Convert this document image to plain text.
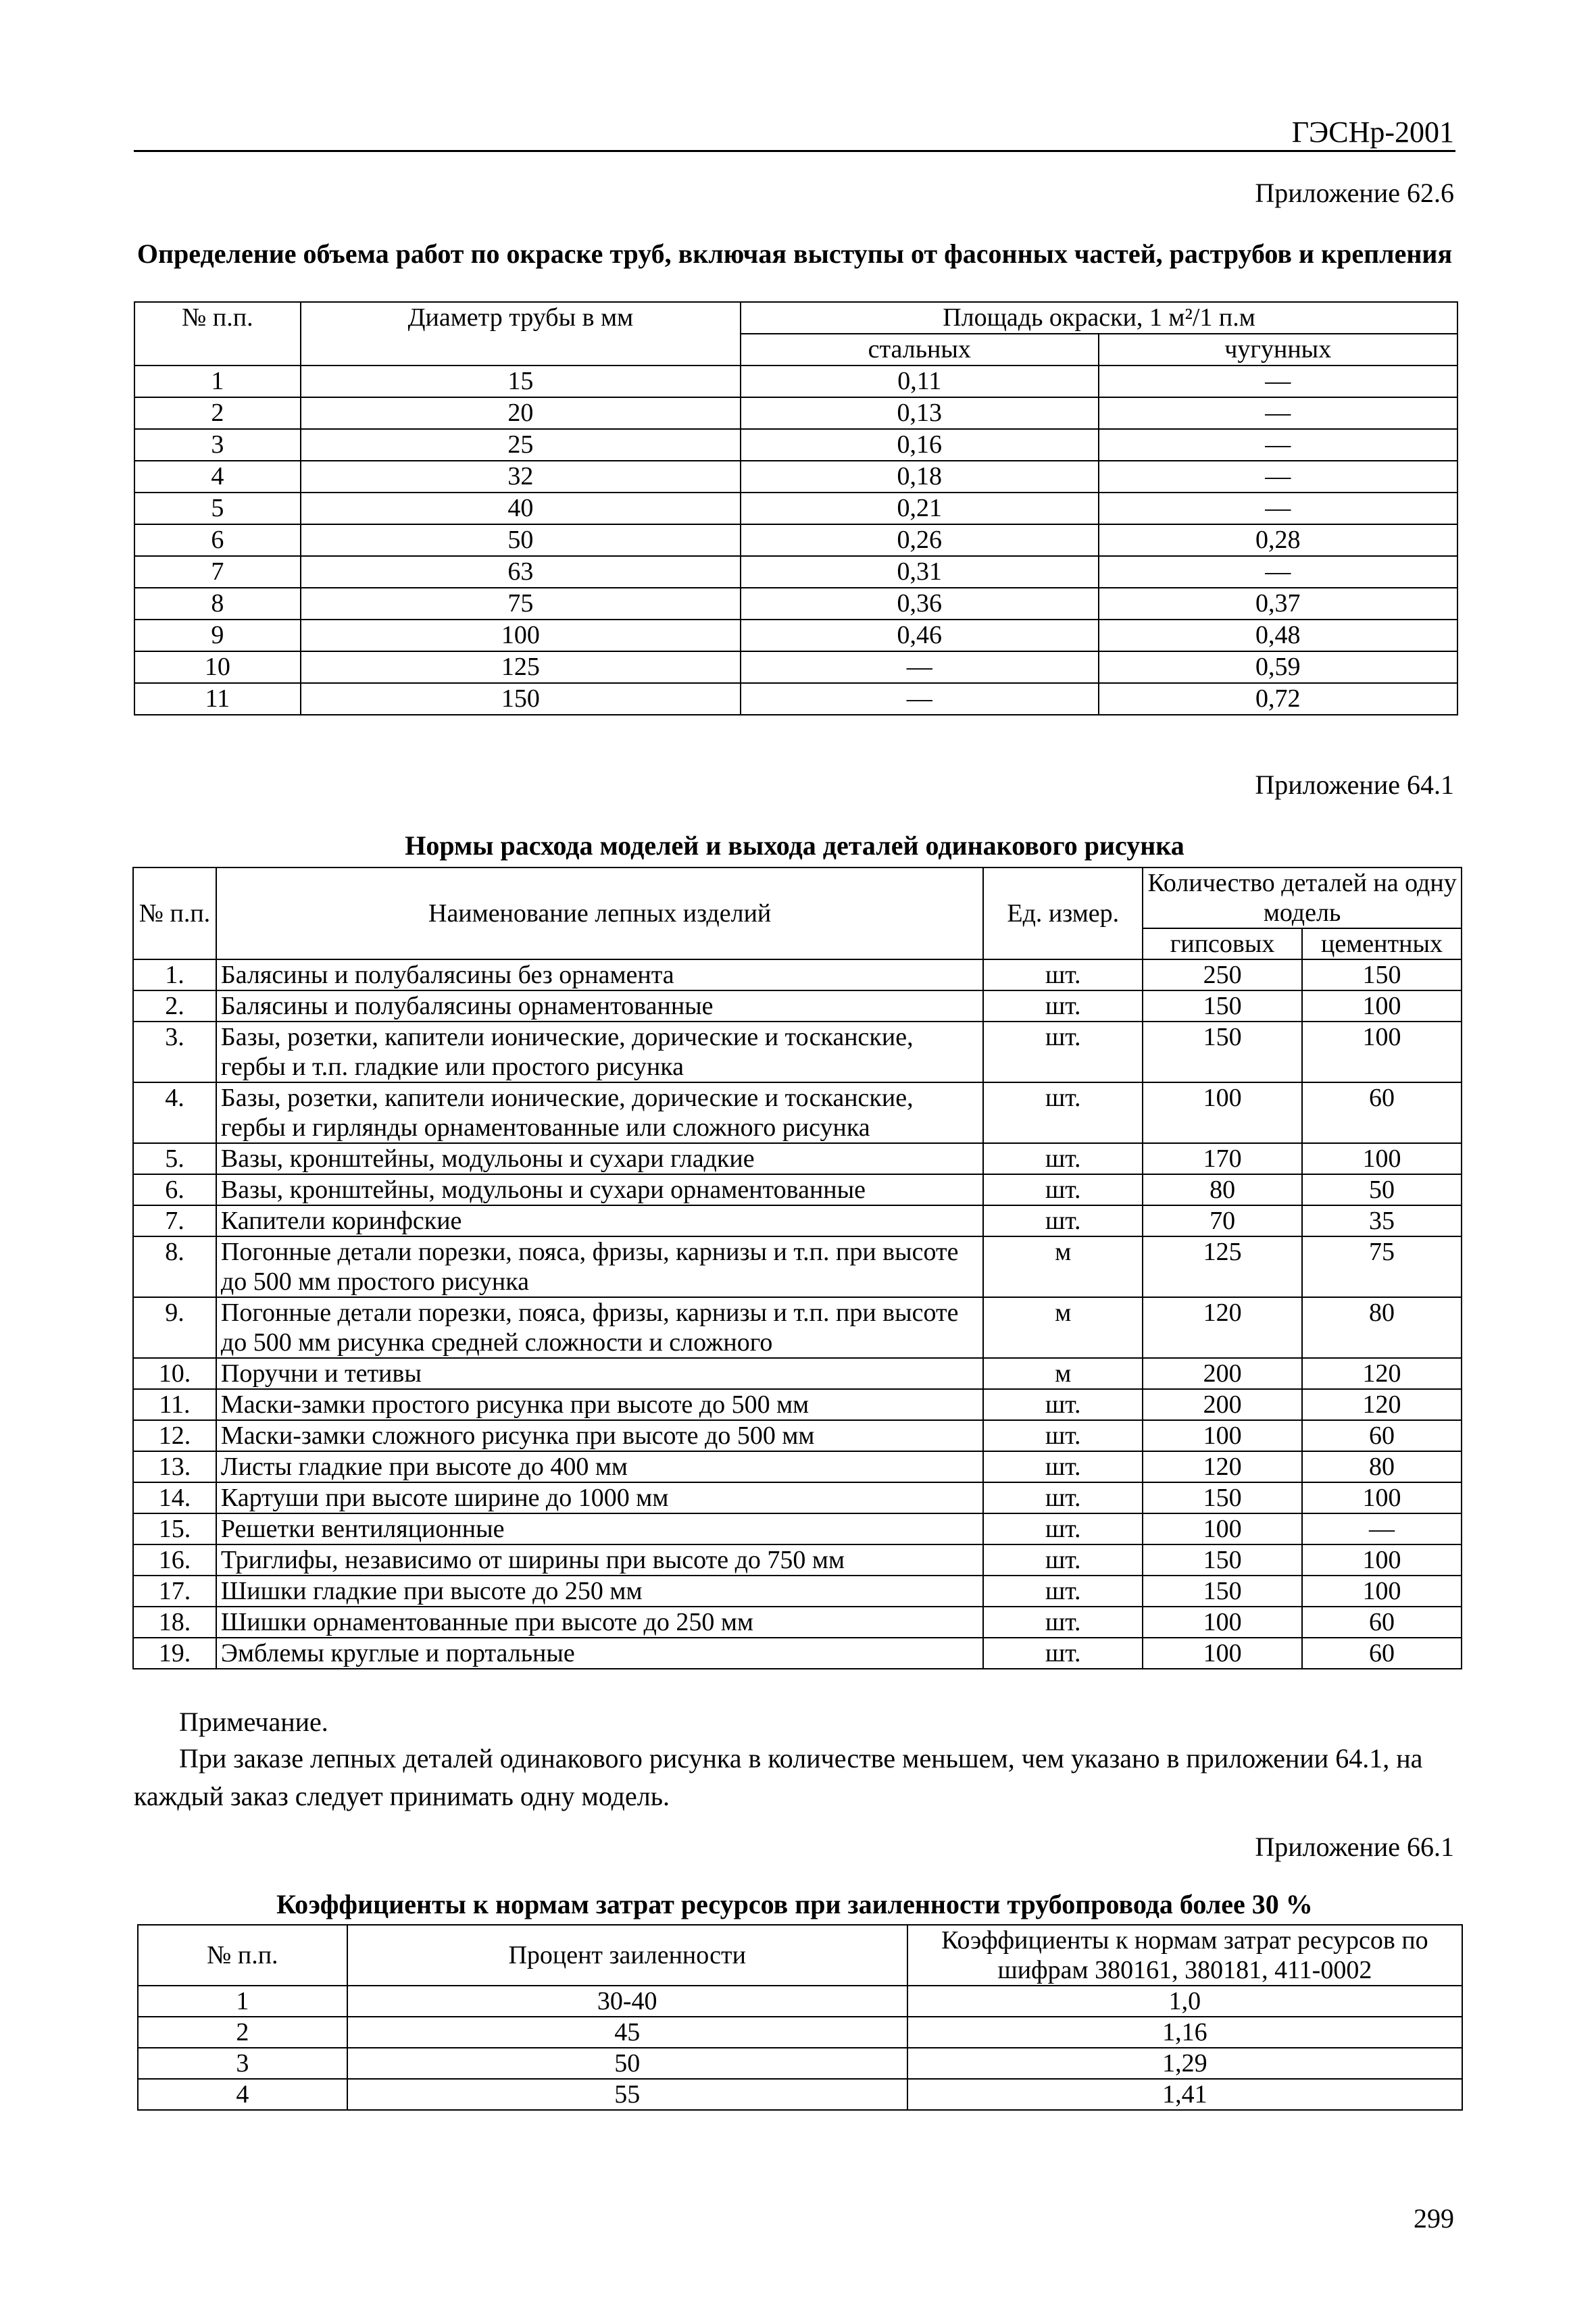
ГЭСНр-2001
Приложение 62.6
Определение объема работ по окраске труб, включая выступы от фасонных частей, раструбов и крепления
№ п.п.	Диаметр трубы в мм	Площадь окраски, 1 м²/1 п.м	
		стальных	чугунных
1	15	0,11	—
2	20	0,13	—
3	25	0,16	—
4	32	0,18	—
5	40	0,21	—
6	50	0,26	0,28
7	63	0,31	—
8	75	0,36	0,37
9	100	0,46	0,48
10	125	—	0,59
11	150	—	0,72
Приложение 64.1
Нормы расхода моделей и выхода деталей одинакового рисунка
№ п.п.	Наименование лепных изделий	Ед. измер.	Количество деталей на одну модель	
			гипсовых	цементных
1.	Балясины и полубалясины без орнамента	шт.	250	150
2.	Балясины и полубалясины орнаментованные	шт.	150	100
3.	Базы, розетки, капители ионические, дорические и тосканские, гербы и т.п. гладкие или простого рисунка	шт.	150	100
4.	Базы, розетки, капители ионические, дорические и тосканские, гербы и гирлянды орнаментованные или сложного рисунка	шт.	100	60
5.	Вазы, кронштейны, модульоны и сухари гладкие	шт.	170	100
6.	Вазы, кронштейны, модульоны и сухари орнаментованные	шт.	80	50
7.	Капители коринфские	шт.	70	35
8.	Погонные детали порезки, пояса, фризы, карнизы и т.п. при высоте до 500 мм простого рисунка	м	125	75
9.	Погонные детали порезки, пояса, фризы, карнизы и т.п. при высоте до 500 мм рисунка средней сложности и сложного	м	120	80
10.	Поручни и тетивы	м	200	120
11.	Маски-замки простого рисунка при высоте до 500 мм	шт.	200	120
12.	Маски-замки сложного рисунка при высоте до 500 мм	шт.	100	60
13.	Листы гладкие при высоте до 400 мм	шт.	120	80
14.	Картуши при высоте ширине до 1000 мм	шт.	150	100
15.	Решетки вентиляционные	шт.	100	—
16.	Триглифы, независимо от ширины при высоте до 750 мм	шт.	150	100
17.	Шишки гладкие при высоте до 250 мм	шт.	150	100
18.	Шишки орнаментованные при высоте до 250 мм	шт.	100	60
19.	Эмблемы круглые и портальные	шт.	100	60
Примечание.
При заказе лепных деталей одинакового рисунка в количестве меньшем, чем указано в приложении 64.1, на каждый заказ следует принимать одну модель.
Приложение 66.1
Коэффициенты к нормам затрат ресурсов при заиленности трубопровода более 30 %
№ п.п.	Процент заиленности	Коэффициенты к нормам затрат ресурсов по шифрам 380161, 380181, 411-0002
1	30-40	1,0
2	45	1,16
3	50	1,29
4	55	1,41
299
